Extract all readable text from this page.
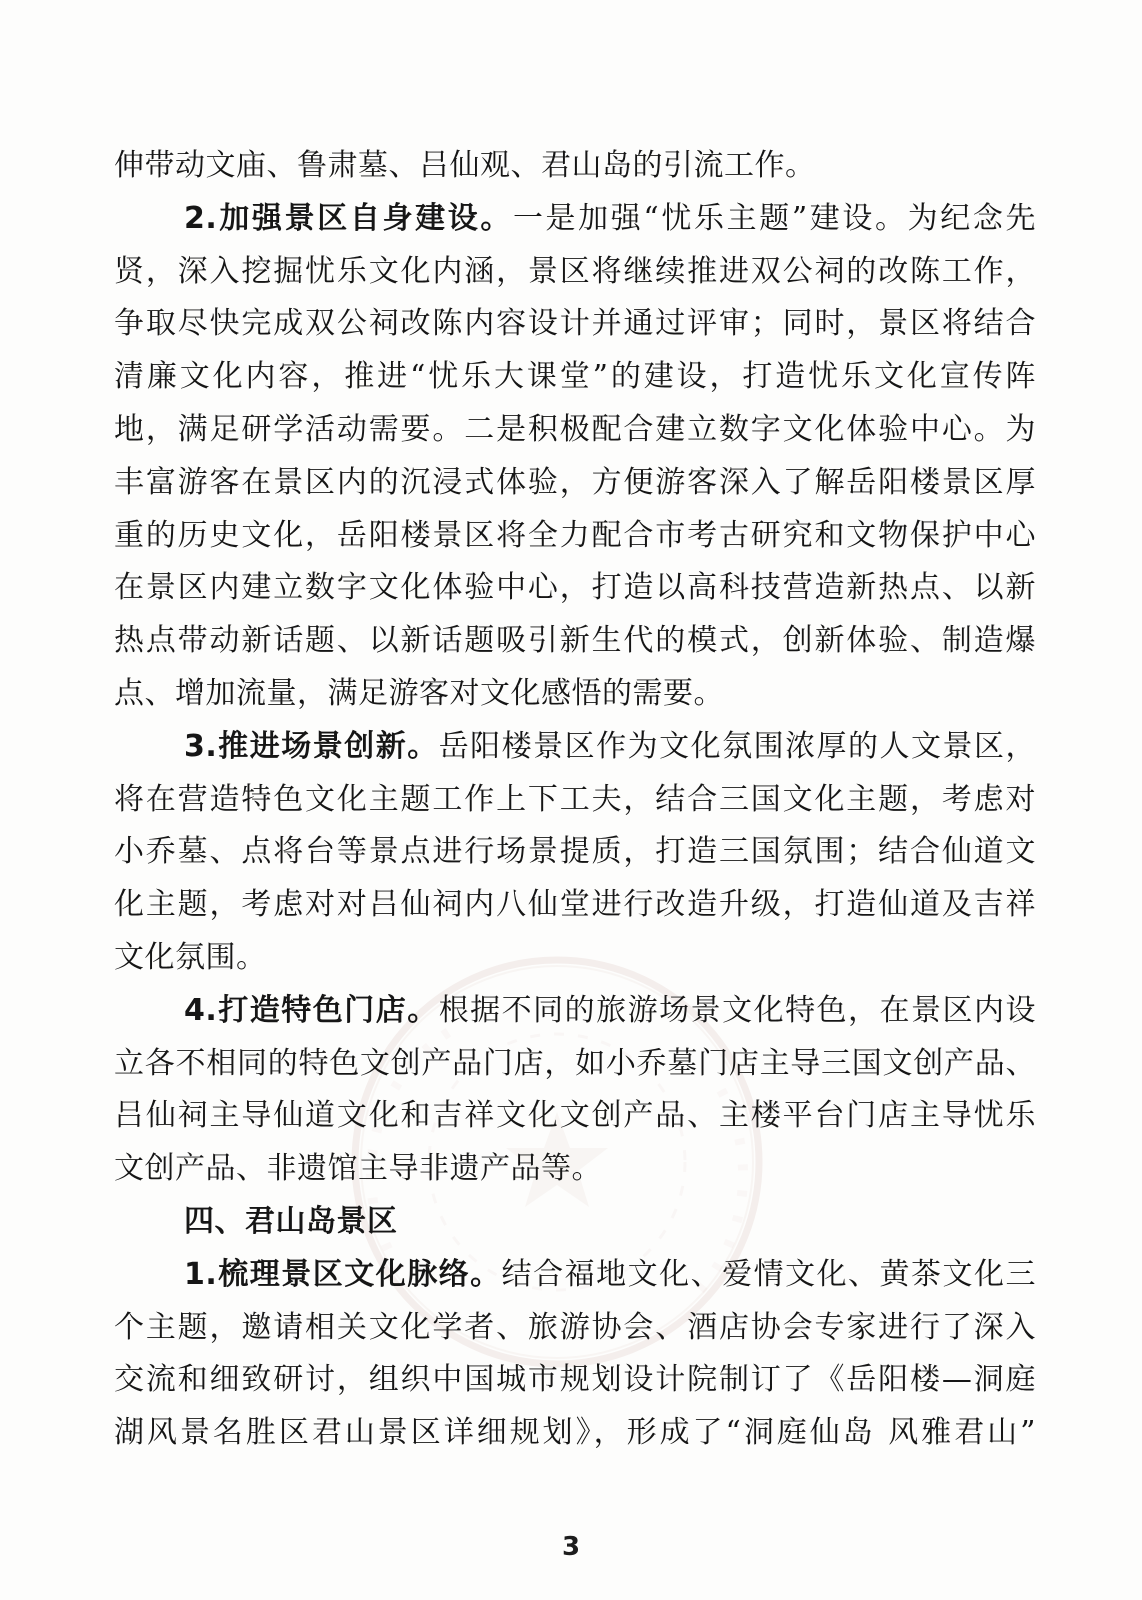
伸带动文庙、鲁肃墓、吕仙观、君山岛的引流工作。
2.加强景区自身建设。一是加强“忧乐主题”建设。为纪念先
贤，深入挖掘忧乐文化内涵，景区将继续推进双公祠的改陈工作，
争取尽快完成双公祠改陈内容设计并通过评审；同时，景区将结合
清廉文化内容，推进“忧乐大课堂”的建设，打造忧乐文化宣传阵
地，满足研学活动需要。二是积极配合建立数字文化体验中心。为
丰富游客在景区内的沉浸式体验，方便游客深入了解岳阳楼景区厚
重的历史文化，岳阳楼景区将全力配合市考古研究和文物保护中心
在景区内建立数字文化体验中心，打造以高科技营造新热点、以新
热点带动新话题、以新话题吸引新生代的模式，创新体验、制造爆
点、增加流量，满足游客对文化感悟的需要。
3.推进场景创新。岳阳楼景区作为文化氛围浓厚的人文景区，
将在营造特色文化主题工作上下工夫，结合三国文化主题，考虑对
小乔墓、点将台等景点进行场景提质，打造三国氛围；结合仙道文
化主题，考虑对对吕仙祠内八仙堂进行改造升级，打造仙道及吉祥
文化氛围。
4.打造特色门店。根据不同的旅游场景文化特色，在景区内设
立各不相同的特色文创产品门店，如小乔墓门店主导三国文创产品、
吕仙祠主导仙道文化和吉祥文化文创产品、主楼平台门店主导忧乐
文创产品、非遗馆主导非遗产品等。
四、君山岛景区
1.梳理景区文化脉络。结合福地文化、爱情文化、黄茶文化三
个主题，邀请相关文化学者、旅游协会、酒店协会专家进行了深入
交流和细致研讨，组织中国城市规划设计院制订了《岳阳楼—洞庭
湖风景名胜区君山景区详细规划》，形成了“洞庭仙岛 风雅君山”
3
